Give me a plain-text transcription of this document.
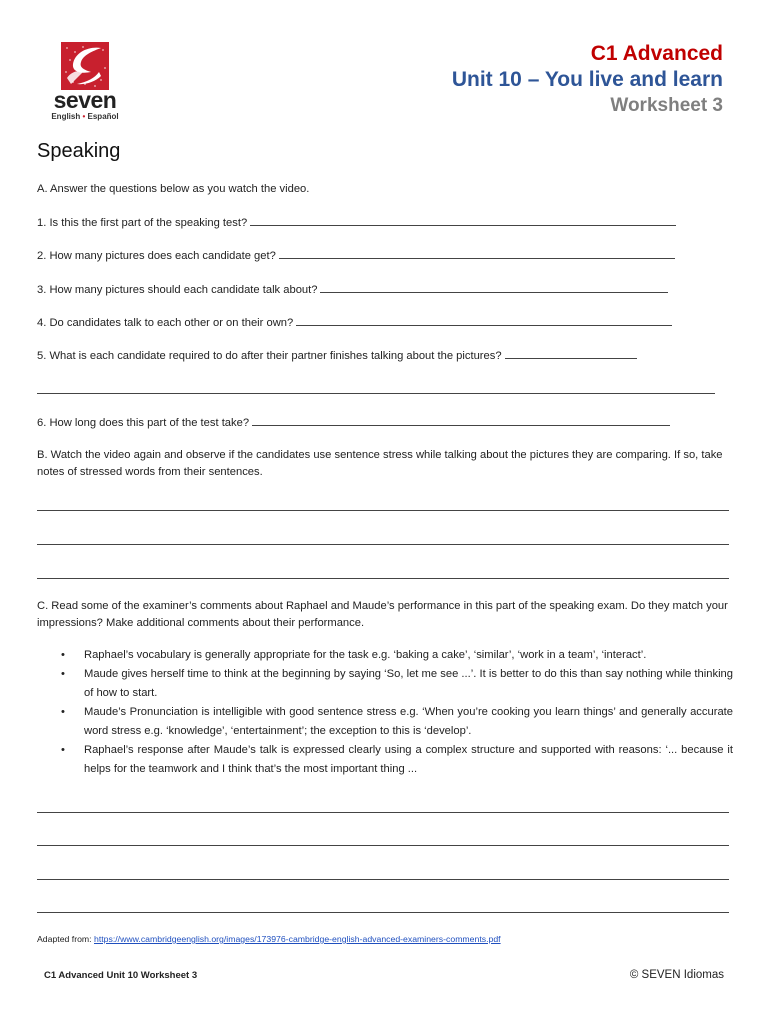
seven
English • Español
C1 Advanced
Unit 10 – You live and learn
Worksheet 3
Speaking
A. Answer the questions below as you watch the video.
1. Is this the first part of the speaking test?
2. How many pictures does each candidate get?
3. How many pictures should each candidate talk about?
4. Do candidates talk to each other or on their own?
5. What is each candidate required to do after their partner finishes talking about the pictures?
6. How long does this part of the test take?
B. Watch the video again and observe if the candidates use sentence stress while talking about the pictures they are comparing. If so, take notes of stressed words from their sentences.
C. Read some of the examiner’s comments about Raphael and Maude’s performance in this part of the speaking exam. Do they match your impressions? Make additional comments about their performance.
• Raphael’s vocabulary is generally appropriate for the task e.g. ‘baking a cake’, ‘similar’, ‘work in a team’, ‘interact’.
• Maude gives herself time to think at the beginning by saying ‘So, let me see ...’. It is better to do this than say nothing while thinking of how to start.
• Maude’s Pronunciation is intelligible with good sentence stress e.g. ‘When you’re cooking you learn things’ and generally accurate word stress e.g. ‘knowledge’, ‘entertainment’; the exception to this is ‘develop’.
• Raphael’s response after Maude’s talk is expressed clearly using a complex structure and supported with reasons: ‘... because it helps for the teamwork and I think that’s the most important thing ...
Adapted from: https://www.cambridgeenglish.org/images/173976-cambridge-english-advanced-examiners-comments.pdf
C1 Advanced Unit 10 Worksheet 3	© SEVEN Idiomas
